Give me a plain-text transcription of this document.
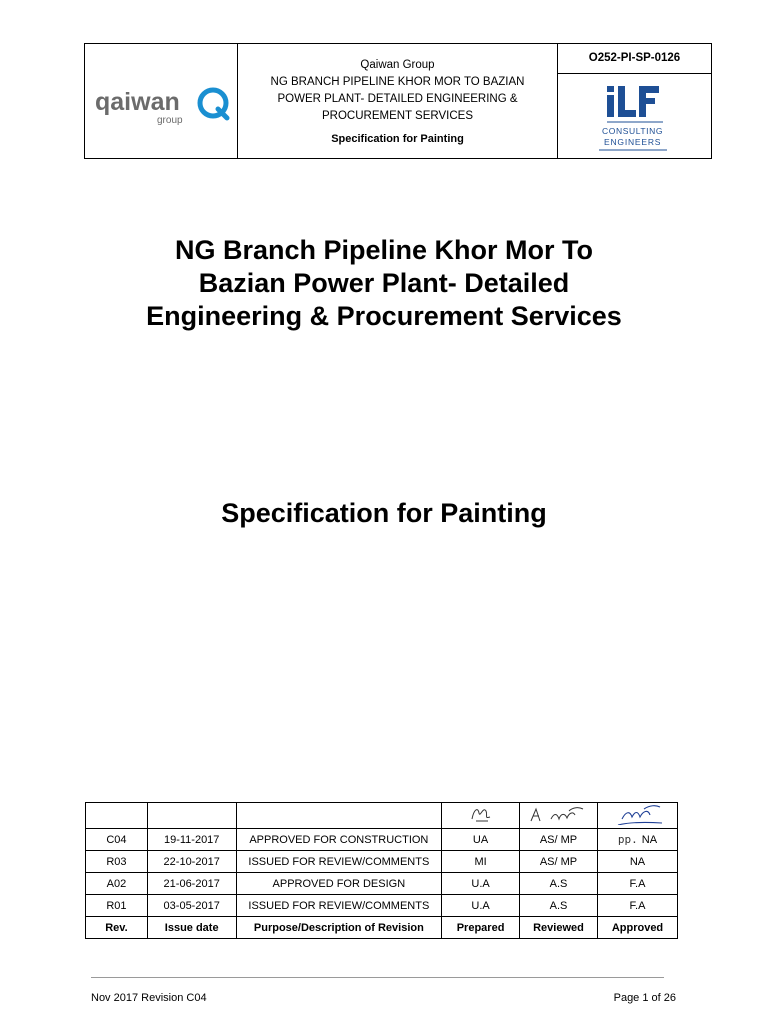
qaiwan
group
Qaiwan Group
NG BRANCH PIPELINE KHOR MOR TO BAZIAN
POWER PLANT- DETAILED ENGINEERING &
PROCUREMENT SERVICES
Specification for Painting
O252-PI-SP-0126
CONSULTING
ENGINEERS
NG Branch Pipeline Khor Mor To
Bazian Power Plant- Detailed
Engineering & Procurement Services
Specification for Painting

C04	19-11-2017	APPROVED FOR CONSTRUCTION	UA	AS/ MP	pp. NA
R03	22-10-2017	ISSUED FOR REVIEW/COMMENTS	MI	AS/ MP	NA
A02	21-06-2017	APPROVED FOR DESIGN	U.A	A.S	F.A
R01	03-05-2017	ISSUED FOR REVIEW/COMMENTS	U.A	A.S	F.A
Rev.	Issue date	Purpose/Description of Revision	Prepared	Reviewed	Approved
Nov 2017 Revision C04	Page 1 of 26
